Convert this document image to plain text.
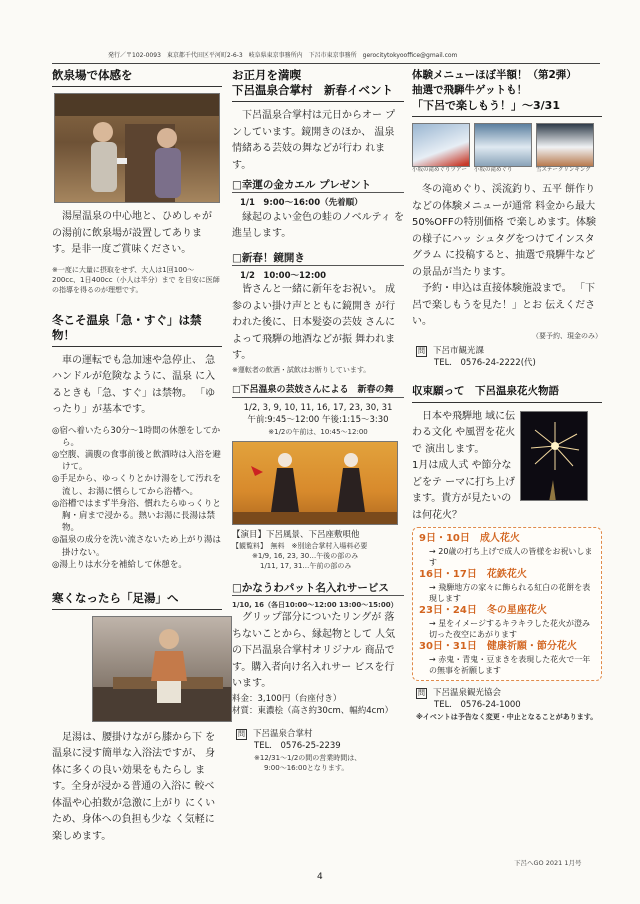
発行／〒102-0093　東京都千代田区平河町2-6-3　岐阜県東京事務所内　下呂市東京事務所　gerocitytokyooffice@gmail.com
飲泉場で体感を
湯屋温泉の中心地と、ひめしゃが の湯前に飲泉場が設置してありま す。是非一度ご賞味ください。
※一度に大量に摂取をせず、大人は1回100～200cc、1日400cc（小人は半分）まで を目安に医師の指導を得るのが理想です。
冬こそ温泉「急・すぐ」は禁物！
車の運転でも急加速や急停止、 急ハンドルが危険なように、温泉 に入るときも「急、すぐ」は禁物。 「ゆったり」が基本です。
◎宿へ着いたら30分～1時間の休憩をしてから。
◎空腹、満腹の食事前後と飲酒時は入浴を避けて。
◎手足から、ゆっくりとかけ湯をして汚れを流し、お湯に慣らしてから浴槽へ。
◎浴槽ではまず半身浴、慣れたらゆっくりと胸・肩まで浸かる。熱いお湯に長湯は禁物。
◎温泉の成分を洗い流さないため上がり湯は掛けない。
◎湯上りは水分を補給して休憩を。
寒くなったら「足湯」へ
足湯は、腰掛けながら膝から下 を温泉に浸す簡単な入浴法ですが、 身体に多くの良い効果をもたらし ます。全身が浸かる普通の入浴に 較べ体温や心拍数が急激に上がり にくいため、身体への負担も少な く気軽に楽しめます。
お正月を満喫
下呂温泉合掌村　新春イベント
下呂温泉合掌村は元日からオー プンしています。鏡開きのほか、 温泉情緒ある芸妓の舞などが行わ れます。
□幸運の金カエル プレゼント
1/1　9:00～16:00（先着順）
縁起のよい金色の蛙のノベルティ を進呈します。
□新春！鏡開き
1/2　10:00～12:00
皆さんと一緒に新年をお祝い。 成参のよい掛け声とともに鏡開き が行われた後に、日本髪姿の芸妓 さんによって飛騨の地酒などが振 舞われます。
※運転者の飲酒・試飲はお断りしています。
□下呂温泉の芸妓さんによる　新春の舞
1/2, 3, 9, 10, 11, 16, 17, 23, 30, 31
午前:9:45～12:00 午後:1:15～3:30
※1/2の午前は、10:45～12:00
【演目】下呂風景、下呂座敷唄他
【観覧料】　無料　※別途合掌村入場料必要
※1/9, 16, 23, 30…午後の部のみ
1/11, 17, 31…午前の部のみ
□かなうわパット名入れサービス
1/10, 16（各日10:00～12:00 13:00～15:00）
グリップ部分についたリングが 落ちないことから、縁起物として 人気の下呂温泉合掌村オリジナル 商品です。購入者向け名入れサー ビスを行います。
料金：3,100円（台座付き）
材質：東濃桧（高さ約30cm、幅約4cm）
問 下呂温泉合掌村
TEL.　0576-25-2239
※12/31～1/2の間の営業時間は、
9:00～16:00となります。
体験メニューほぼ半額！（第2弾）
抽選で飛騨牛ゲットも！
「下呂で楽しもう！」～3/31
小坂の滝めぐりツアー	小坂の滝めぐり	雪ステークリンキング
冬の滝めぐり、渓流釣り、五平 餅作りなどの体験メニューが通常 料金から最大50%OFFの特別価格 で楽しめます。体験の様子にハッ シュタグをつけてインスタグラム に投稿すると、抽選で飛騨牛など の景品が当たります。
予約・申込は直接体験施設まで。 「下呂で楽しもうを見た！」とお 伝えください。
（要予約、現金のみ）
問 下呂市観光課
TEL.　0576-24-2222(代)
収束願って　下呂温泉花火物語
日本や飛騨地 域に伝わる文化 や風習を花火で 演出します。
1月は成人式 や節分などをテ ーマに打ち上げ ます。貴方が見たいのは何花火？
9日・10日　成人花火
→ 20歳の打ち上げで成人の皆様をお祝いします
16日・17日　花鉄花火
→ 飛騨地方の家々に飾られる紅白の花餅を表現します
23日・24日　冬の星座花火
→ 星をイメージするキラキラした花火が澄み切った夜空にあがります
30日・31日　健康祈願・節分花火
→ 赤鬼・青鬼・豆まきを表現した花火で一年の無事を祈願します
問 下呂温泉観光協会
TEL.　0576-24-1000
※イベントは予告なく変更・中止となることがあります。
下呂へGO 2021 1月号
4
